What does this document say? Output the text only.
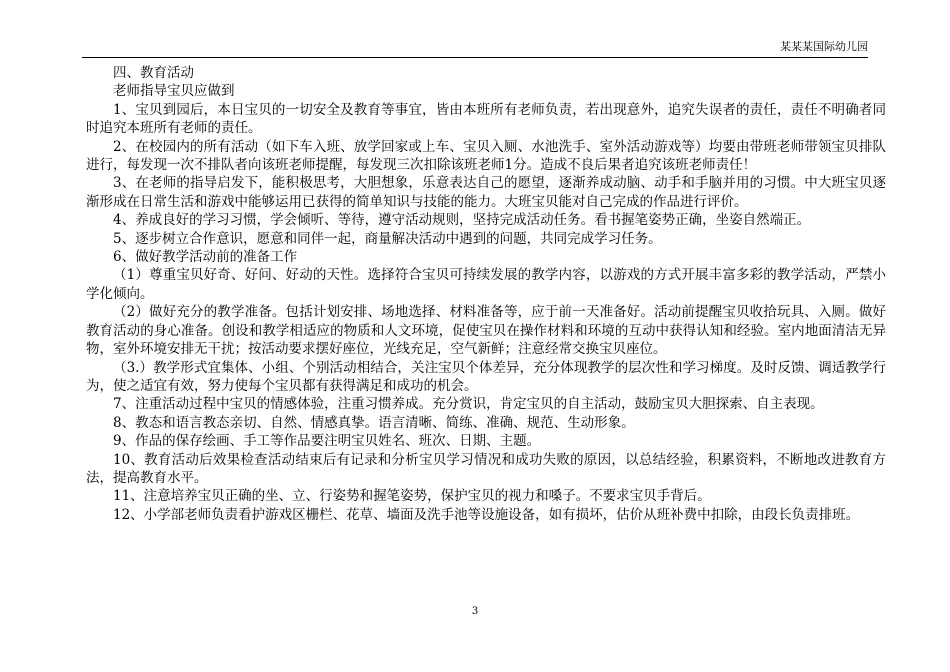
某某某国际幼儿园

四、教育活动

老师指导宝贝应做到

1、宝贝到园后，本日宝贝的一切安全及教育等事宜，皆由本班所有老师负责，若出现意外，追究失误者的责任，责任不明确者同时追究本班所有老师的责任。

2、在校园内的所有活动（如下车入班、放学回家或上车、宝贝入厕、水池洗手、室外活动游戏等）均要由带班老师带领宝贝排队进行，每发现一次不排队者向该班老师提醒，每发现三次扣除该班老师1分。造成不良后果者追究该班老师责任！

3、在老师的指导启发下，能积极思考，大胆想象，乐意表达自己的愿望，逐渐养成动脑、动手和手脑并用的习惯。中大班宝贝逐渐形成在日常生活和游戏中能够运用已获得的简单知识与技能的能力。大班宝贝能对自己完成的作品进行评价。

4、养成良好的学习习惯，学会倾听、等待，遵守活动规则，坚持完成活动任务。看书握笔姿势正确，坐姿自然端正。

5、逐步树立合作意识，愿意和同伴一起，商量解决活动中遇到的问题，共同完成学习任务。

6、做好教学活动前的准备工作

（1）尊重宝贝好奇、好问、好动的天性。选择符合宝贝可持续发展的教学内容，以游戏的方式开展丰富多彩的教学活动，严禁小学化倾向。

（2）做好充分的教学准备。包括计划安排、场地选择、材料准备等，应于前一天准备好。活动前提醒宝贝收拾玩具、入厕。做好教育活动的身心准备。创设和教学相适应的物质和人文环境，促使宝贝在操作材料和环境的互动中获得认知和经验。室内地面清洁无异物，室外环境安排无干扰；按活动要求摆好座位，光线充足，空气新鲜；注意经常交换宝贝座位。

（3.）教学形式宜集体、小组、个别活动相结合，关注宝贝个体差异，充分体现教学的层次性和学习梯度。及时反馈、调适教学行为，使之适宜有效，努力使每个宝贝都有获得满足和成功的机会。

7、注重活动过程中宝贝的情感体验，注重习惯养成。充分赏识，肯定宝贝的自主活动，鼓励宝贝大胆探索、自主表现。

8、教态和语言教态亲切、自然、情感真挚。语言清晰、简练、准确、规范、生动形象。

9、作品的保存绘画、手工等作品要注明宝贝姓名、班次、日期、主题。

10、教育活动后效果检查活动结束后有记录和分析宝贝学习情况和成功失败的原因，以总结经验，积累资料，不断地改进教育方法，提高教育水平。

11、注意培养宝贝正确的坐、立、行姿势和握笔姿势，保护宝贝的视力和嗓子。不要求宝贝手背后。

12、小学部老师负责看护游戏区栅栏、花草、墙面及洗手池等设施设备，如有损坏，估价从班补费中扣除，由段长负责排班。

3
